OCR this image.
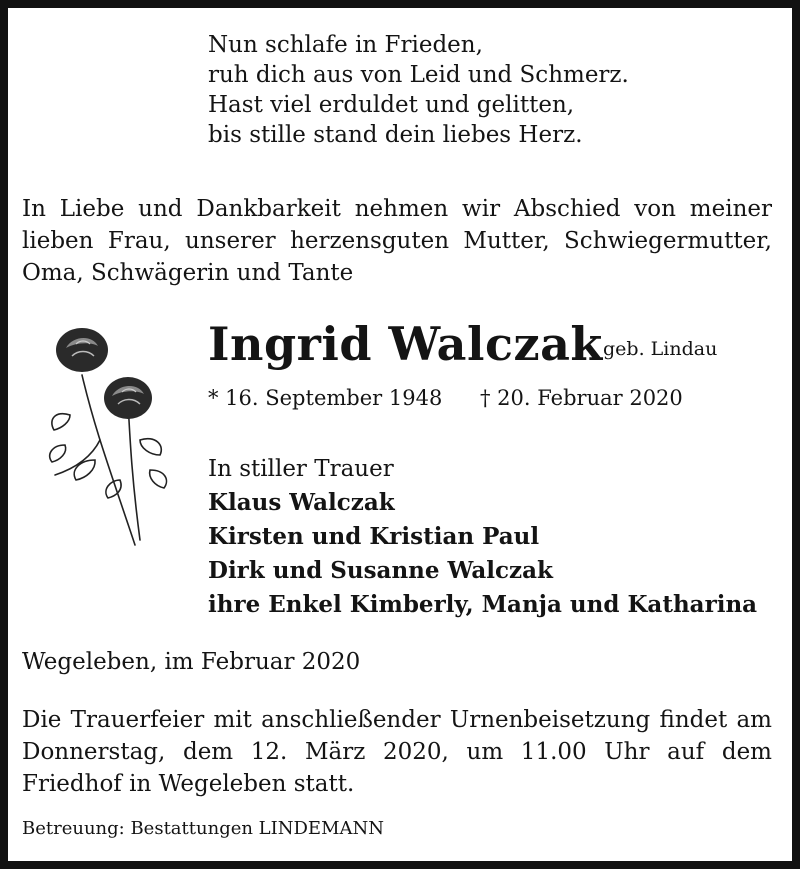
Nun schlafe in Frieden,
ruh dich aus von Leid und Schmerz.
Hast viel erduldet und gelitten,
bis stille stand dein liebes Herz.
In Liebe und Dankbarkeit nehmen wir Abschied von meiner lieben Frau, unserer herzensguten Mutter, Schwiegermutter, Oma, Schwägerin und Tante
Ingrid Walczak geb. Lindau
* 16. September 1948 † 20. Februar 2020
In stiller Trauer
Klaus Walczak
Kirsten und Kristian Paul
Dirk und Susanne Walczak
ihre Enkel Kimberly, Manja und Katharina
Wegeleben, im Februar 2020
Die Trauerfeier mit anschließender Urnenbeisetzung findet am Donnerstag, dem 12. März 2020, um 11.00 Uhr auf dem Friedhof in Wegeleben statt.
Betreuung: Bestattungen LINDEMANN
